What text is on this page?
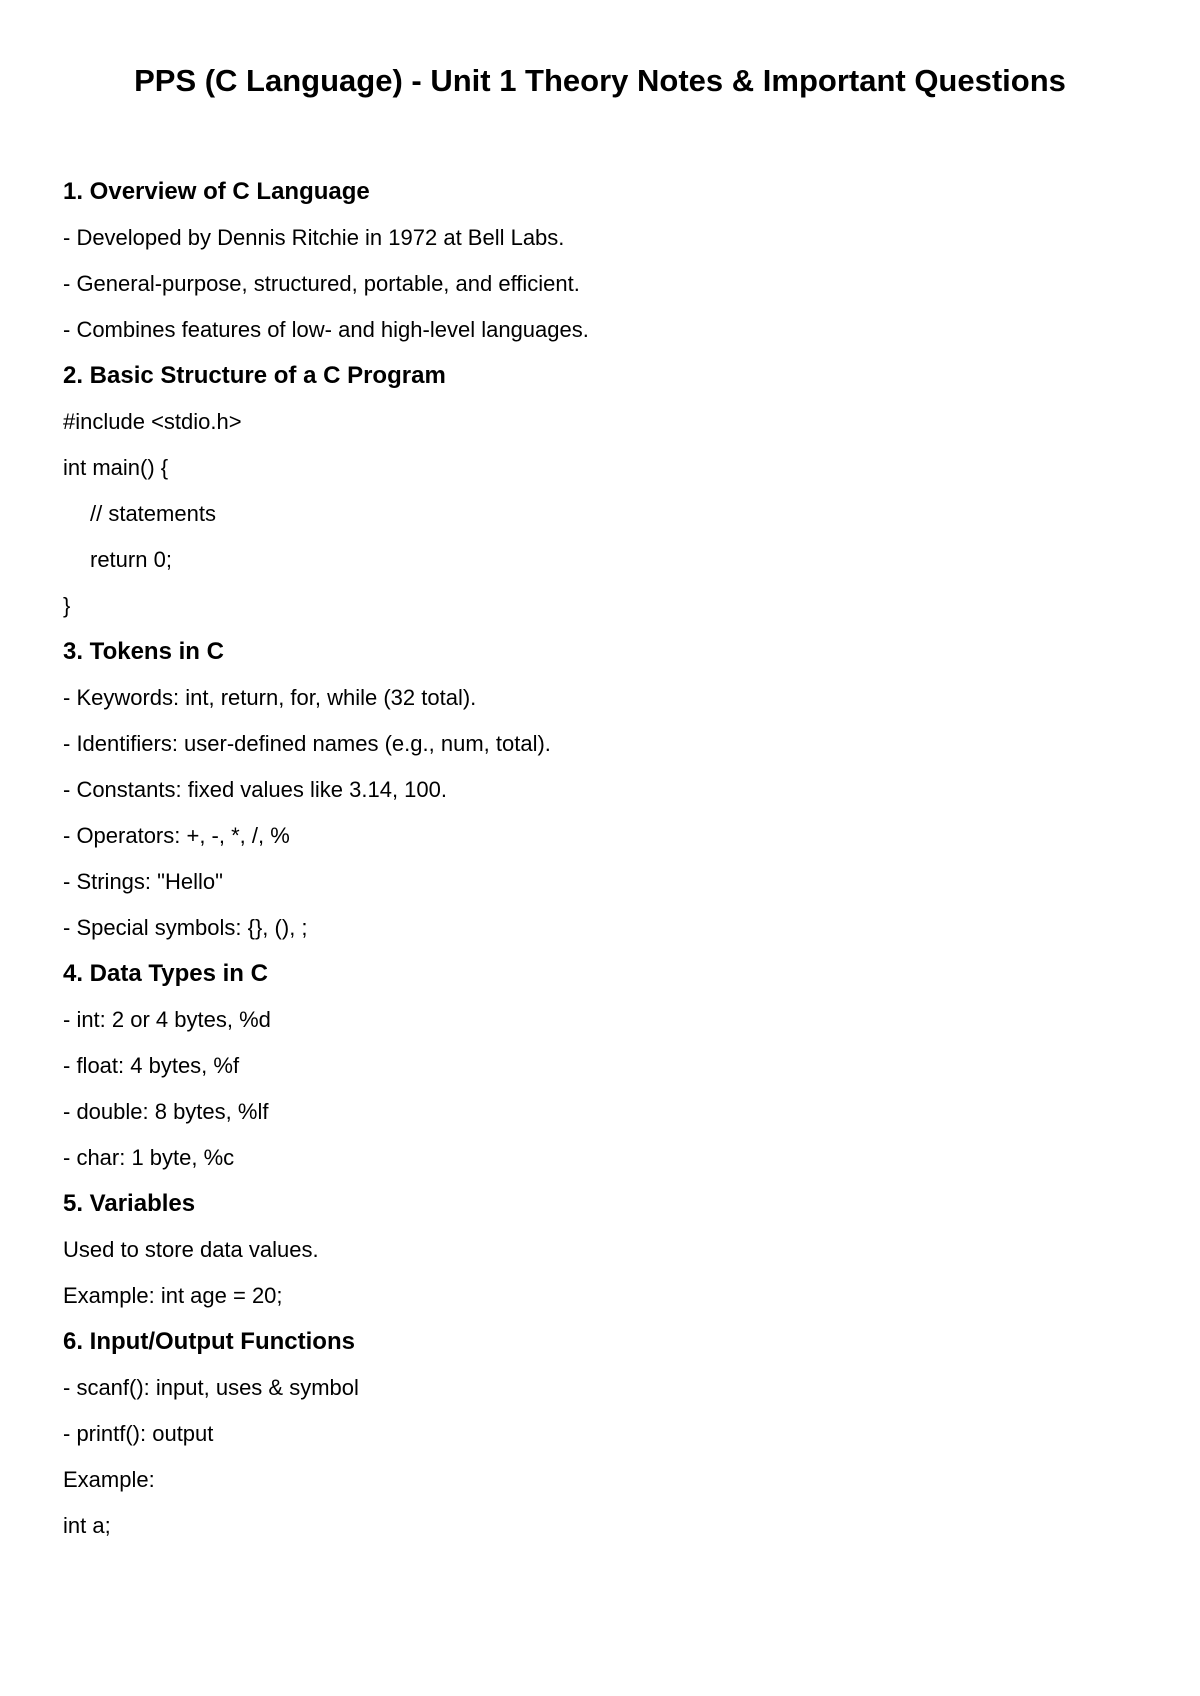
PPS (C Language) - Unit 1 Theory Notes & Important Questions
1. Overview of C Language
- Developed by Dennis Ritchie in 1972 at Bell Labs.
- General-purpose, structured, portable, and efficient.
- Combines features of low- and high-level languages.
2. Basic Structure of a C Program
#include <stdio.h>
int main() {
// statements
return 0;
}
3. Tokens in C
- Keywords: int, return, for, while (32 total).
- Identifiers: user-defined names (e.g., num, total).
- Constants: fixed values like 3.14, 100.
- Operators: +, -, *, /, %
- Strings: "Hello"
- Special symbols: {}, (), ;
4. Data Types in C
- int: 2 or 4 bytes, %d
- float: 4 bytes, %f
- double: 8 bytes, %lf
- char: 1 byte, %c
5. Variables
Used to store data values.
Example: int age = 20;
6. Input/Output Functions
- scanf(): input, uses & symbol
- printf(): output
Example:
int a;
